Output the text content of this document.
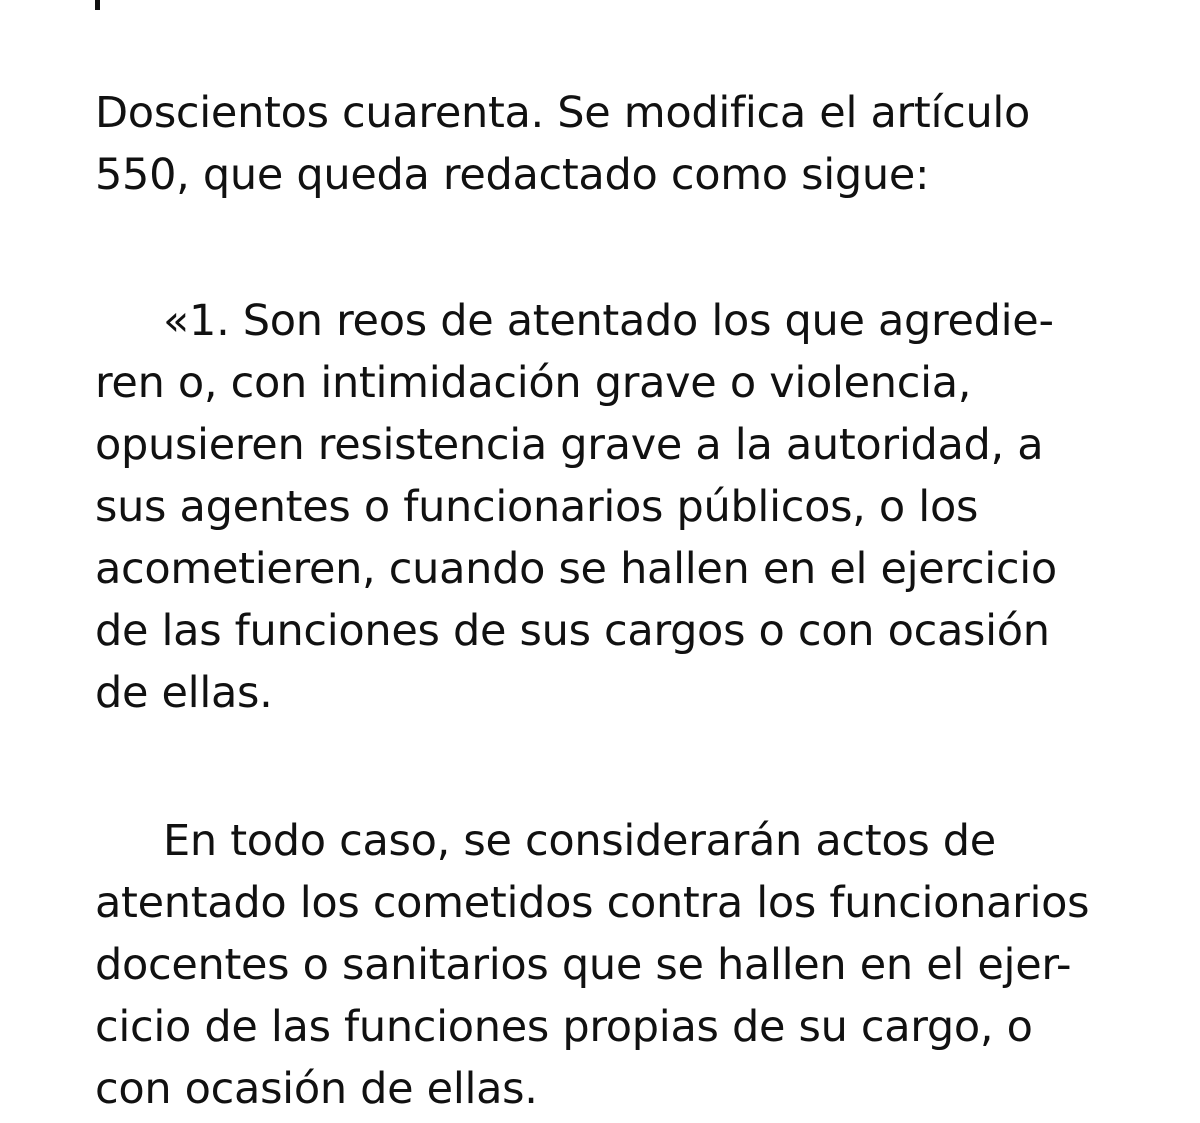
Doscientos cuarenta. Se modifica el artículo
550, que queda redactado como sigue:

«1. Son reos de atentado los que agredie-
ren o, con intimidación grave o violencia,
opusieren resistencia grave a la autoridad, a
sus agentes o funcionarios públicos, o los
acometieren, cuando se hallen en el ejercicio
de las funciones de sus cargos o con ocasión
de ellas.

En todo caso, se considerarán actos de
atentado los cometidos contra los funcionarios
docentes o sanitarios que se hallen en el ejer-
cicio de las funciones propias de su cargo, o
con ocasión de ellas.
